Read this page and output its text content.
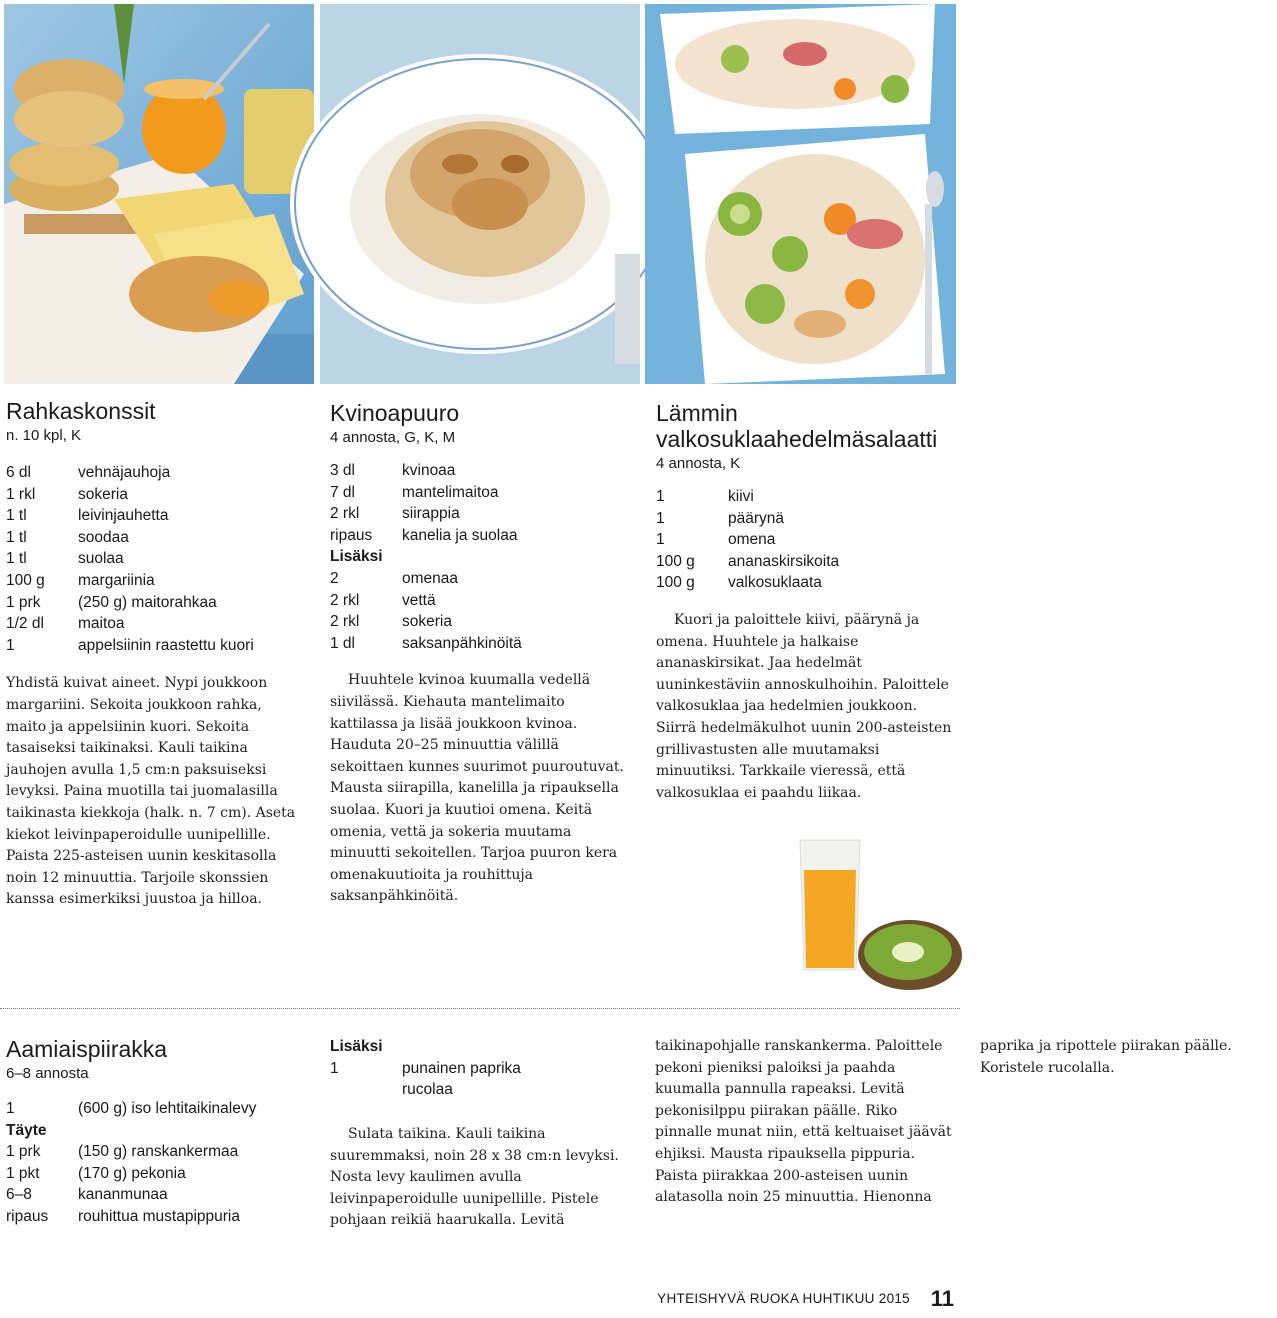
Rahkaskonssit
n. 10 kpl, K
6 dl	vehnäjauhoja
1 rkl	sokeria
1 tl	leivinjauhetta
1 tl	soodaa
1 tl	suolaa
100 g	margariinia
1 prk	(250 g) maitorahkaa
1/2 dl	maitoa
1	appelsiinin raastettu kuori

Yhdistä kuivat aineet. Nypi joukkoon margariini. Sekoita joukkoon rahka, maito ja appelsiinin kuori. Sekoita tasaiseksi taikinaksi. Kauli taikina jauhojen avulla 1,5 cm:n paksuiseksi levyksi. Paina muotilla tai juomalasilla taikinasta kiekkoja (halk. n. 7 cm). Aseta kiekot leivinpaperoidulle uunipellille. Paista 225-asteisen uunin keskitasolla noin 12 minuuttia. Tarjoile skonssien kanssa esimerkiksi juustoa ja hilloa.

Kvinoapuuro
4 annosta, G, K, M
3 dl	kvinoaa
7 dl	mantelimaitoa
2 rkl	siirappia
ripaus	kanelia ja suolaa
Lisäksi
2	omenaa
2 rkl	vettä
2 rkl	sokeria
1 dl	saksanpähkinöitä

Huuhtele kvinoa kuumalla vedellä siivilässä. Kiehauta mantelimaito kattilassa ja lisää joukkoon kvinoa. Hauduta 20–25 minuuttia välillä sekoittaen kunnes suurimot puuroutuvat. Mausta siirapilla, kanelilla ja ripauksella suolaa. Kuori ja kuutioi omena. Keitä omenia, vettä ja sokeria muutama minuutti sekoitellen. Tarjoa puuron kera omenakuutioita ja rouhittuja saksanpähkinöitä.

Lämmin valkosuklaahedelmäsalaatti
4 annosta, K
1	kiivi
1	päärynä
1	omena
100 g	ananaskirsikoita
100 g	valkosuklaata

Kuori ja paloittele kiivi, päärynä ja omena. Huuhtele ja halkaise ananaskirsikat. Jaa hedelmät uuninkestäviin annoskulhoihin. Paloittele valkosuklaa jaa hedelmien joukkoon. Siirrä hedelmäkulhot uunin 200-asteisten grillivastusten alle muutamaksi minuutiksi. Tarkkaile vieressä, että valkosuklaa ei paahdu liikaa.

Aamiaispiirakka
6–8 annosta
1	(600 g) iso lehtitaikinalevy
Täyte
1 prk	(150 g) ranskankermaa
1 pkt	(170 g) pekonia
6–8	kananmunaa
ripaus	rouhittua mustapippuria
Lisäksi
1	punainen paprika
	rucolaa

Sulata taikina. Kauli taikina suuremmaksi, noin 28 x 38 cm:n levyksi. Nosta levy kaulimen avulla leivinpaperoidulle uunipellille. Pistele pohjaan reikiä haarukalla. Levitä taikinapohjalle ranskankerma. Paloittele pekoni pieniksi paloiksi ja paahda kuumalla pannulla rapeaksi. Levitä pekonisilppu piirakan päälle. Riko pinnalle munat niin, että keltuaiset jäävät ehjiksi. Mausta ripauksella pippuria. Paista piirakkaa 200-asteisen uunin alatasolla noin 25 minuuttia. Hienonna paprika ja ripottele piirakan päälle. Koristele rucolalla.

YHTEISHYVÄ RUOKA HUHTIKUU 2015 11
